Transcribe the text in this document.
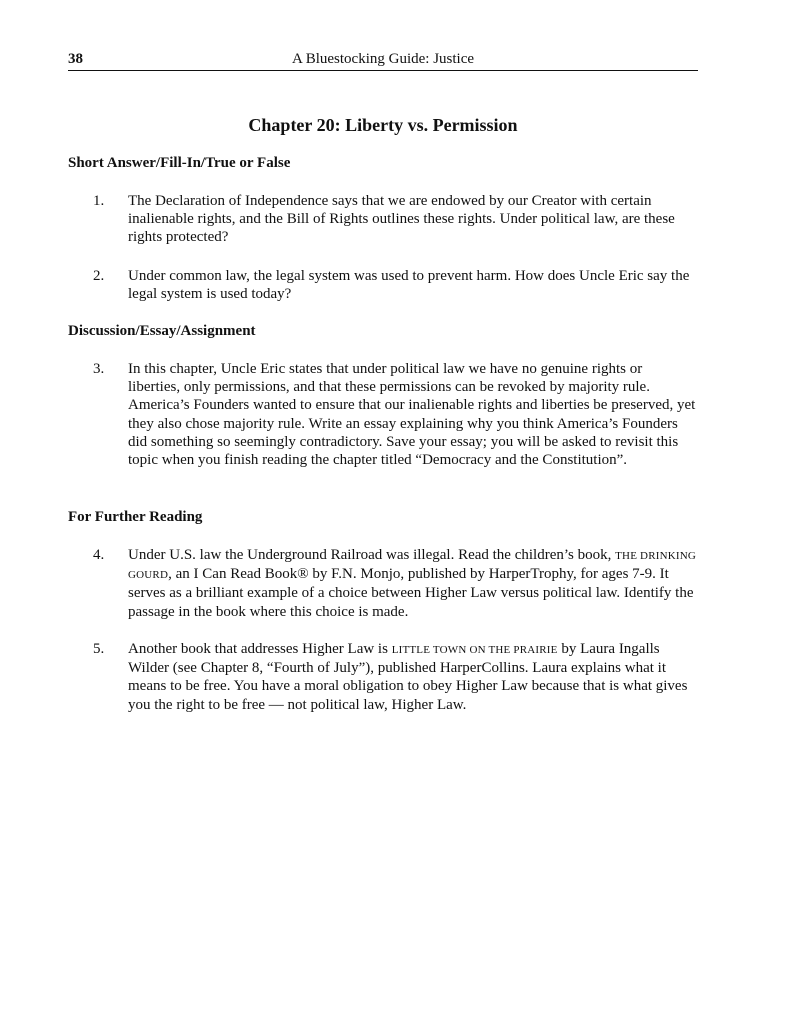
38	A Bluestocking Guide: Justice
Chapter 20: Liberty vs. Permission
Short Answer/Fill-In/True or False
1. The Declaration of Independence says that we are endowed by our Creator with certain inalienable rights, and the Bill of Rights outlines these rights. Under political law, are these rights protected?
2. Under common law, the legal system was used to prevent harm. How does Uncle Eric say the legal system is used today?
Discussion/Essay/Assignment
3. In this chapter, Uncle Eric states that under political law we have no genuine rights or liberties, only permissions, and that these permissions can be revoked by majority rule. America’s Founders wanted to ensure that our inalienable rights and liberties be preserved, yet they also chose majority rule. Write an essay explaining why you think America’s Founders did something so seemingly contradictory. Save your essay; you will be asked to revisit this topic when you finish reading the chapter titled “Democracy and the Constitution”.
For Further Reading
4. Under U.S. law the Underground Railroad was illegal. Read the children’s book, THE DRINKING GOURD, an I Can Read Book® by F.N. Monjo, published by HarperTrophy, for ages 7-9. It serves as a brilliant example of a choice between Higher Law versus political law. Identify the passage in the book where this choice is made.
5. Another book that addresses Higher Law is LITTLE TOWN ON THE PRAIRIE by Laura Ingalls Wilder (see Chapter 8, “Fourth of July”), published HarperCollins. Laura explains what it means to be free. You have a moral obligation to obey Higher Law because that is what gives you the right to be free — not political law, Higher Law.
